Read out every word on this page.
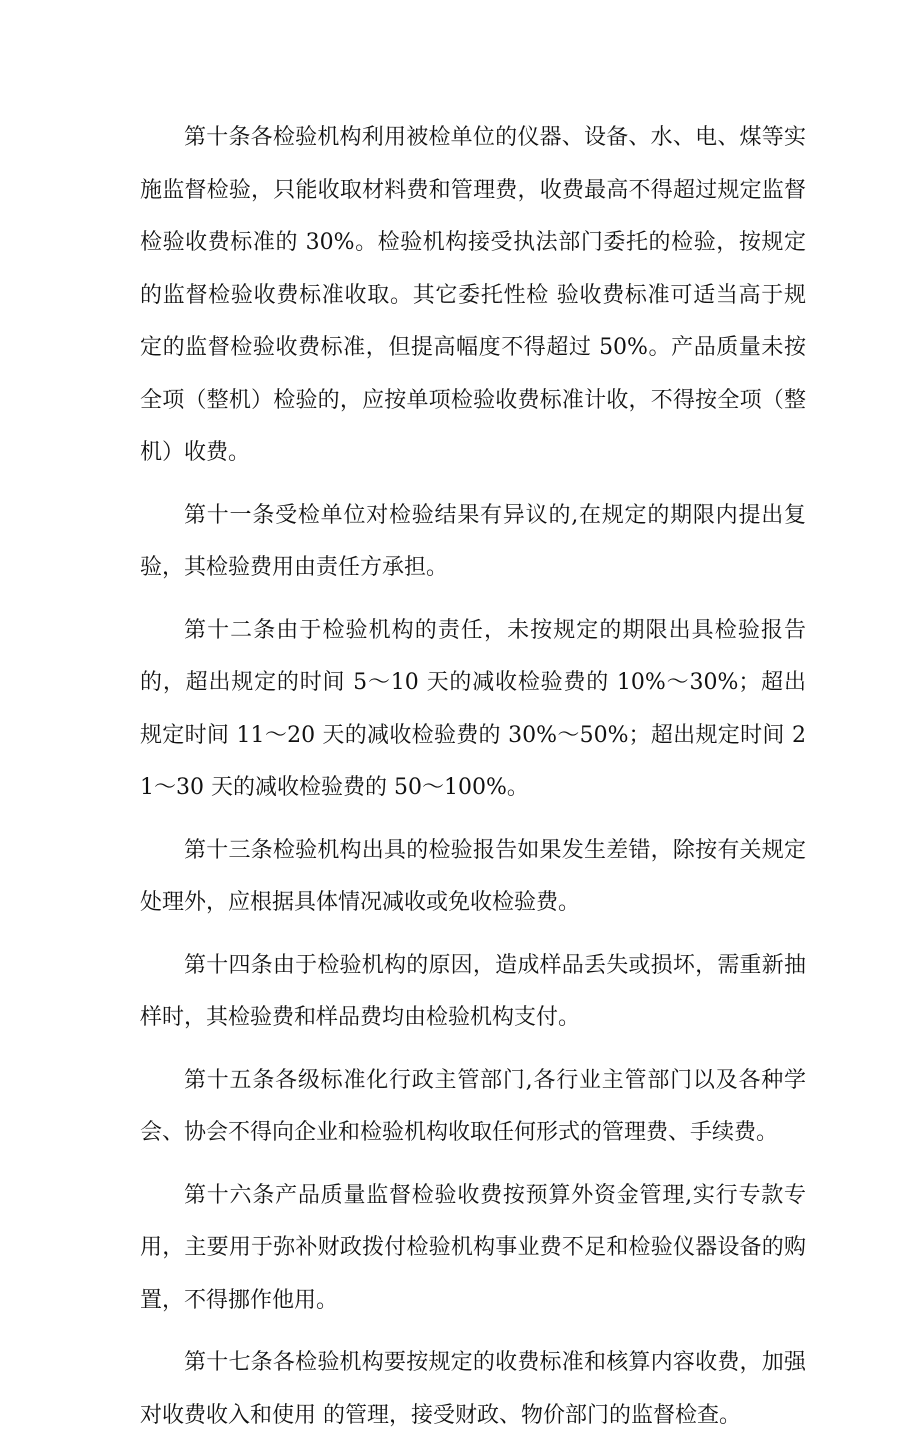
第十条各检验机构利用被检单位的仪器、设备、水、电、煤等实施监督检验，只能收取材料费和管理费，收费最高不得超过规定监督检验收费标准的 30%。检验机构接受执法部门委托的检验，按规定的监督检验收费标准收取。其它委托性检 验收费标准可适当高于规定的监督检验收费标准，但提高幅度不得超过 50%。产品质量未按全项（整机）检验的，应按单项检验收费标准计收，不得按全项（整机）收费。

第十一条受检单位对检验结果有异议的,在规定的期限内提出复验，其检验费用由责任方承担。

第十二条由于检验机构的责任，未按规定的期限出具检验报告的，超出规定的时间 5～10 天的减收检验费的 10%～30%；超出规定时间 11～20 天的减收检验费的 30%～50%；超出规定时间 21～30 天的减收检验费的 50～100%。

第十三条检验机构出具的检验报告如果发生差错，除按有关规定处理外，应根据具体情况减收或免收检验费。

第十四条由于检验机构的原因，造成样品丢失或损坏，需重新抽样时，其检验费和样品费均由检验机构支付。

第十五条各级标准化行政主管部门,各行业主管部门以及各种学会、协会不得向企业和检验机构收取任何形式的管理费、手续费。

第十六条产品质量监督检验收费按预算外资金管理,实行专款专用，主要用于弥补财政拨付检验机构事业费不足和检验仪器设备的购置，不得挪作他用。

第十七条各检验机构要按规定的收费标准和核算内容收费，加强对收费收入和使用 的管理，接受财政、物价部门的监督检查。
